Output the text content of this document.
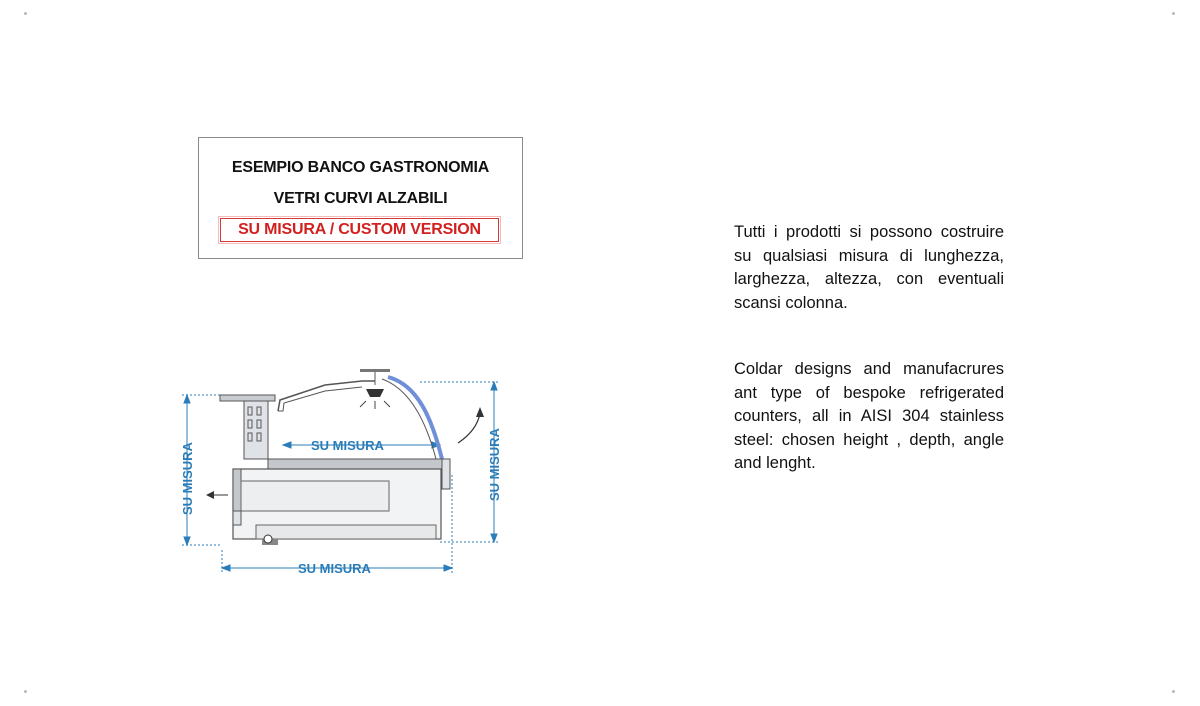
ESEMPIO BANCO GASTRONOMIA
VETRI CURVI ALZABILI
SU MISURA / CUSTOM VERSION	Tutti i prodotti si possono costruire su qualsiasi misura di lunghezza, larghezza, altezza, con eventuali scansi colonna.
Coldar designs and manufacrures ant type of bespoke refrigerated counters, all in AISI 304 stainless steel: chosen height , depth, angle and lenght.
SU MISURA
SU MISURA
SU MISURA	SU MISURA
